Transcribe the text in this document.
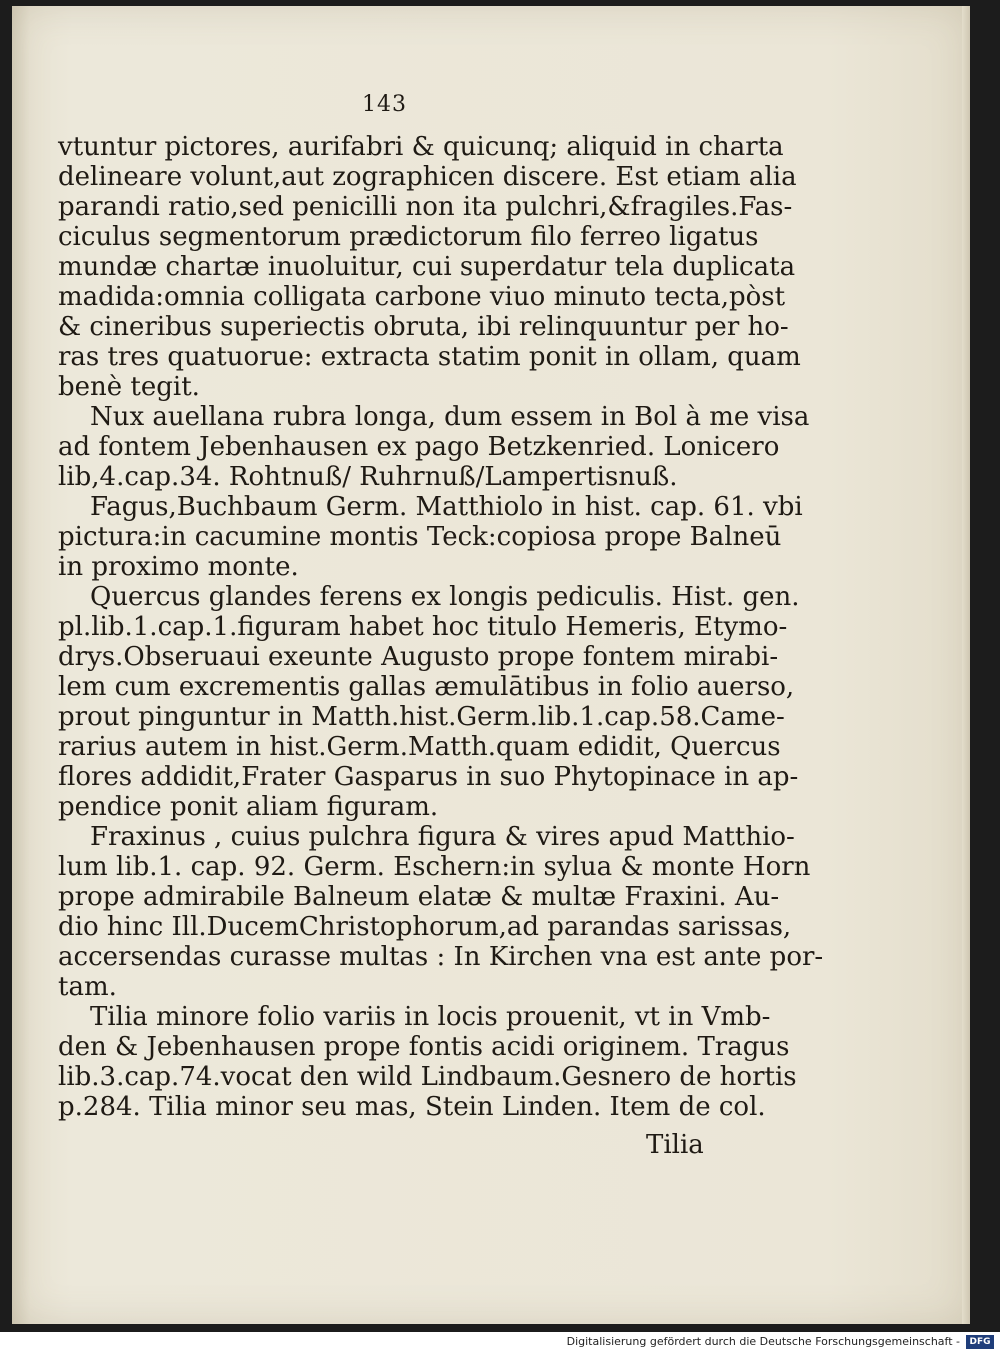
143
vtuntur pictores, aurifabri & quicunq; aliquid in charta
delineare volunt,aut zographicen discere. Est etiam alia
parandi ratio,sed penicilli non ita pulchri,&fragiles.Fas-
ciculus segmentorum prædictorum filo ferreo ligatus
mundæ chartæ inuoluitur, cui superdatur tela duplicata
madida:omnia colligata carbone viuo minuto tecta,pòst
& cineribus superiectis obruta, ibi relinquuntur per ho-
ras tres quatuorue: extracta statim ponit in ollam, quam
benè tegit.
Nux auellana rubra longa, dum essem in Bol à me visa
ad fontem Jebenhausen ex pago Betzkenried. Lonicero
lib,4.cap.34. Rohtnuß/ Ruhrnuß/Lampertisnuß.
Fagus,Buchbaum Germ. Matthiolo in hist. cap. 61. vbi
pictura:in cacumine montis Teck:copiosa prope Balneū
in proximo monte.
Quercus glandes ferens ex longis pediculis. Hist. gen.
pl.lib.1.cap.1.figuram habet hoc titulo Hemeris, Etymo-
drys.Obseruaui exeunte Augusto prope fontem mirabi-
lem cum excrementis gallas æmulātibus in folio auerso,
prout pinguntur in Matth.hist.Germ.lib.1.cap.58.Came-
rarius autem in hist.Germ.Matth.quam edidit, Quercus
flores addidit,Frater Gasparus in suo Phytopinace in ap-
pendice ponit aliam figuram.
Fraxinus , cuius pulchra figura & vires apud Matthio-
lum lib.1. cap. 92. Germ. Eschern:in sylua & monte Horn
prope admirabile Balneum elatæ & multæ Fraxini. Au-
dio hinc Ill.DucemChristophorum,ad parandas sarissas,
accersendas curasse multas : In Kirchen vna est ante por-
tam.
Tilia minore folio variis in locis prouenit, vt in Vmb-
den & Jebenhausen prope fontis acidi originem. Tragus
lib.3.cap.74.vocat den wild Lindbaum.Gesnero de hortis
p.284. Tilia minor seu mas, Stein Linden. Item de col.
Tilia
Digitalisierung gefördert durch die Deutsche Forschungsgemeinschaft -	DFG
